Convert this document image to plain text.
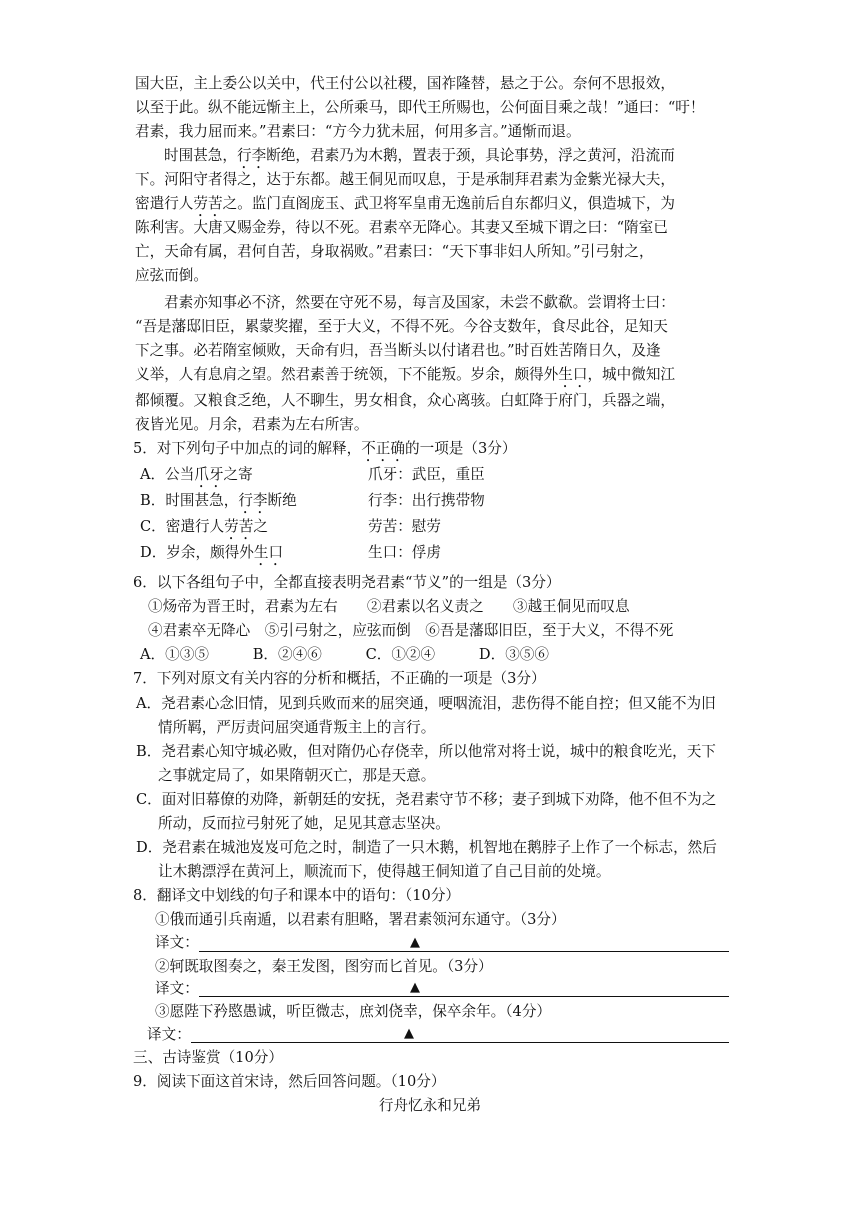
国大臣，主上委公以关中，代王付公以社稷，国祚隆替，悬之于公。奈何不思报效，
以至于此。纵不能远惭主上，公所乘马，即代王所赐也，公何面目乘之哉！”通曰：“吁！
君素，我力屈而来。”君素曰：“方今力犹未屈，何用多言。”通惭而退。
时围甚急，行李断绝，君素乃为木鹅，置表于颈，具论事势，浮之黄河，沿流而
下。河阳守者得之，达于东都。越王侗见而叹息，于是承制拜君素为金紫光禄大夫，
密遣行人劳苦之。监门直阁庞玉、武卫将军皇甫无逸前后自东都归义，俱造城下，为
陈利害。大唐又赐金券，待以不死。君素卒无降心。其妻又至城下谓之曰：“隋室已
亡，天命有属，君何自苦，身取祸败。”君素曰：“天下事非妇人所知。”引弓射之，
应弦而倒。
君素亦知事必不济，然要在守死不易，每言及国家，未尝不歔欷。尝谓将士曰：
“吾是藩邸旧臣，累蒙奖擢，至于大义，不得不死。今谷支数年，食尽此谷，足知天
下之事。必若隋室倾败，天命有归，吾当断头以付诸君也。”时百姓苦隋日久，及逢
义举，人有息肩之望。然君素善于统领，下不能叛。岁余，颇得外生口，城中微知江
都倾覆。又粮食乏绝，人不聊生，男女相食，众心离骇。白虹降于府门，兵器之端，
夜皆光见。月余，君素为左右所害。
5．对下列句子中加点的词的解释，不正确的一项是（3分）
A．公当爪牙之寄	爪牙：武臣，重臣
B．时围甚急，行李断绝	行李：出行携带物
C．密遣行人劳苦之	劳苦：慰劳
D．岁余，颇得外生口	生口：俘虏
6．以下各组句子中，全都直接表明尧君素“节义”的一组是（3分）
①炀帝为晋王时，君素为左右　　②君素以名义责之　　③越王侗见而叹息
④君素卒无降心　⑤引弓射之，应弦而倒　⑥吾是藩邸旧臣，至于大义，不得不死
A．①③⑤　　　B．②④⑥　　　C．①②④　　　D．③⑤⑥
7．下列对原文有关内容的分析和概括，不正确的一项是（3分）
A．尧君素心念旧情，见到兵败而来的屈突通，哽咽流泪，悲伤得不能自控；但又能不为旧
情所羁，严厉责问屈突通背叛主上的言行。
B．尧君素心知守城必败，但对隋仍心存侥幸，所以他常对将士说，城中的粮食吃光，天下
之事就定局了，如果隋朝灭亡，那是天意。
C．面对旧幕僚的劝降，新朝廷的安抚，尧君素守节不移；妻子到城下劝降，他不但不为之
所动，反而拉弓射死了她，足见其意志坚决。
D．尧君素在城池岌岌可危之时，制造了一只木鹅，机智地在鹅脖子上作了一个标志，然后
让木鹅漂浮在黄河上，顺流而下，使得越王侗知道了自己目前的处境。
8．翻译文中划线的句子和课本中的语句：（10分）
①俄而通引兵南遁，以君素有胆略，署君素领河东通守。（3分）
译文：	▲
②轲既取图奏之，秦王发图，图穷而匕首见。（3分）
译文：	▲
③愿陛下矜愍愚诚，听臣微志，庶刘侥幸，保卒余年。（4分）
译文：	▲
三、古诗鉴赏（10分）
9．阅读下面这首宋诗，然后回答问题。（10分）
行舟忆永和兄弟
